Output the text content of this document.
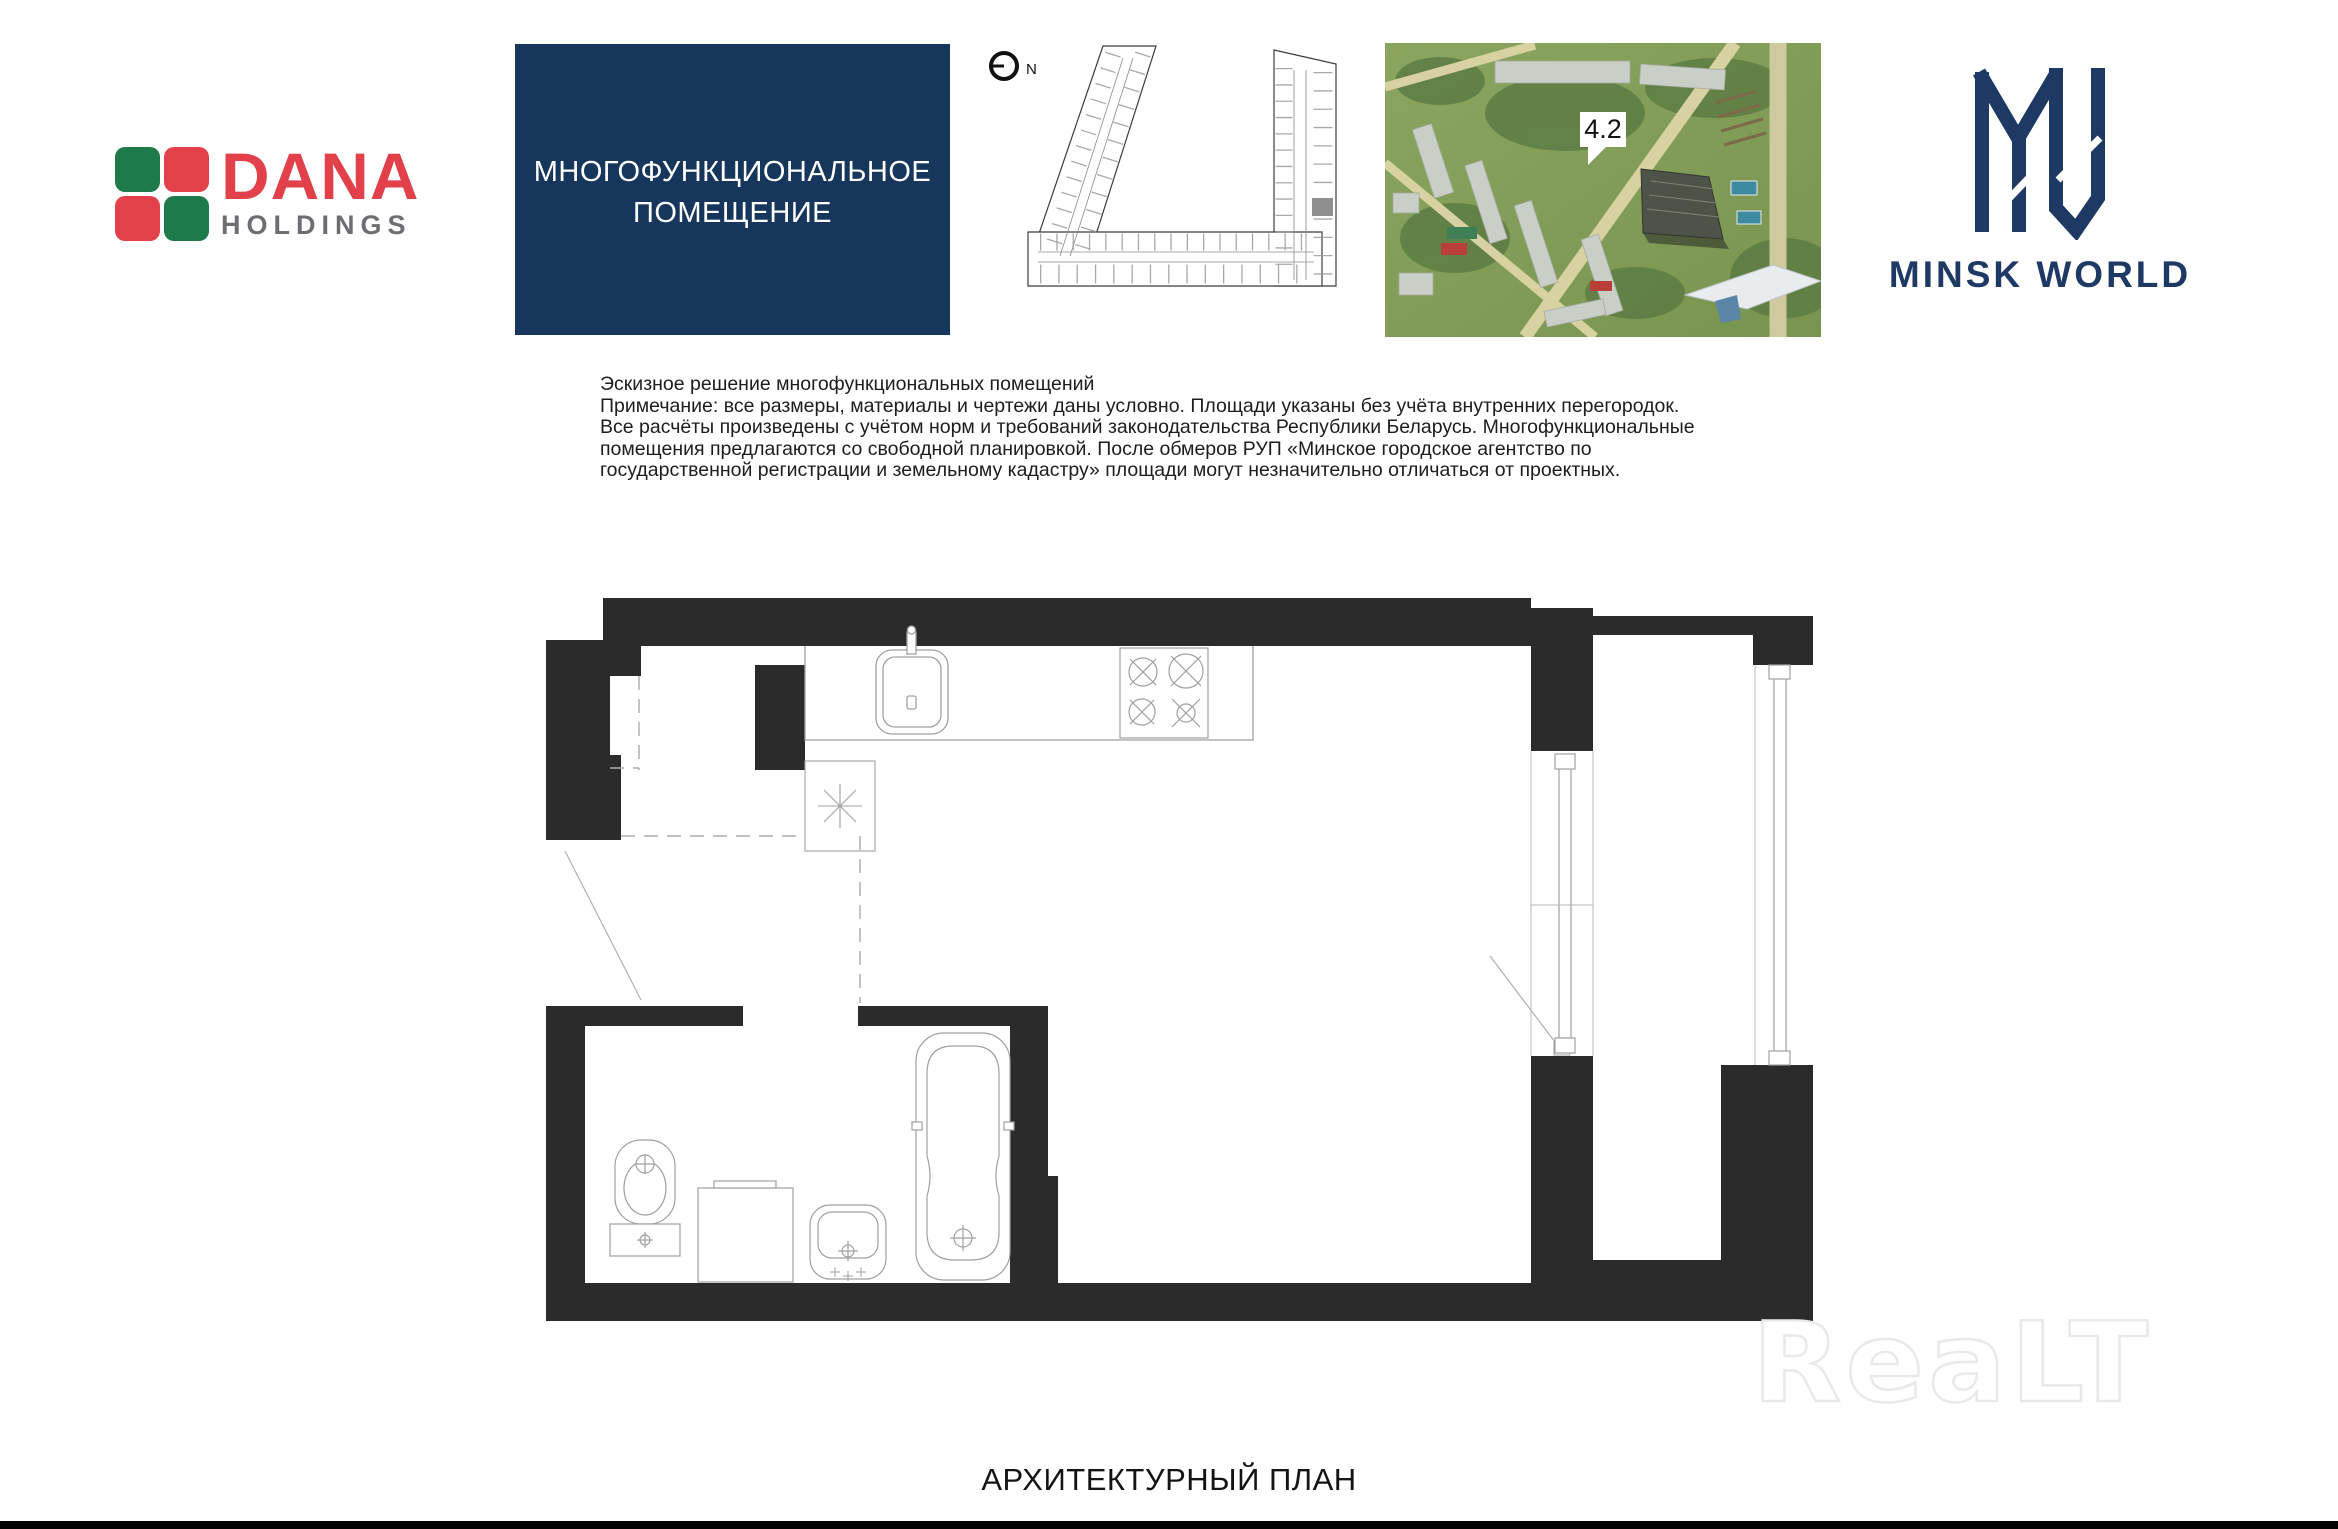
DANA
HOLDINGS
МНОГОФУНКЦИОНАЛЬНОЕ
ПОМЕЩЕНИЕ
N
4.2
MINSK WORLD
Эскизное решение многофункциональных помещений
Примечание: все размеры, материалы и чертежи даны условно. Площади указаны без учёта внутренних перегородок.
Все расчёты произведены с учётом норм и требований законодательства Республики Беларусь. Многофункциональные
помещения предлагаются со свободной планировкой. После обмеров РУП «Минское городское агентство по
государственной регистрации и земельному кадастру» площади могут незначительно отличаться от проектных.
ReaLT
АРХИТЕКТУРНЫЙ ПЛАН
